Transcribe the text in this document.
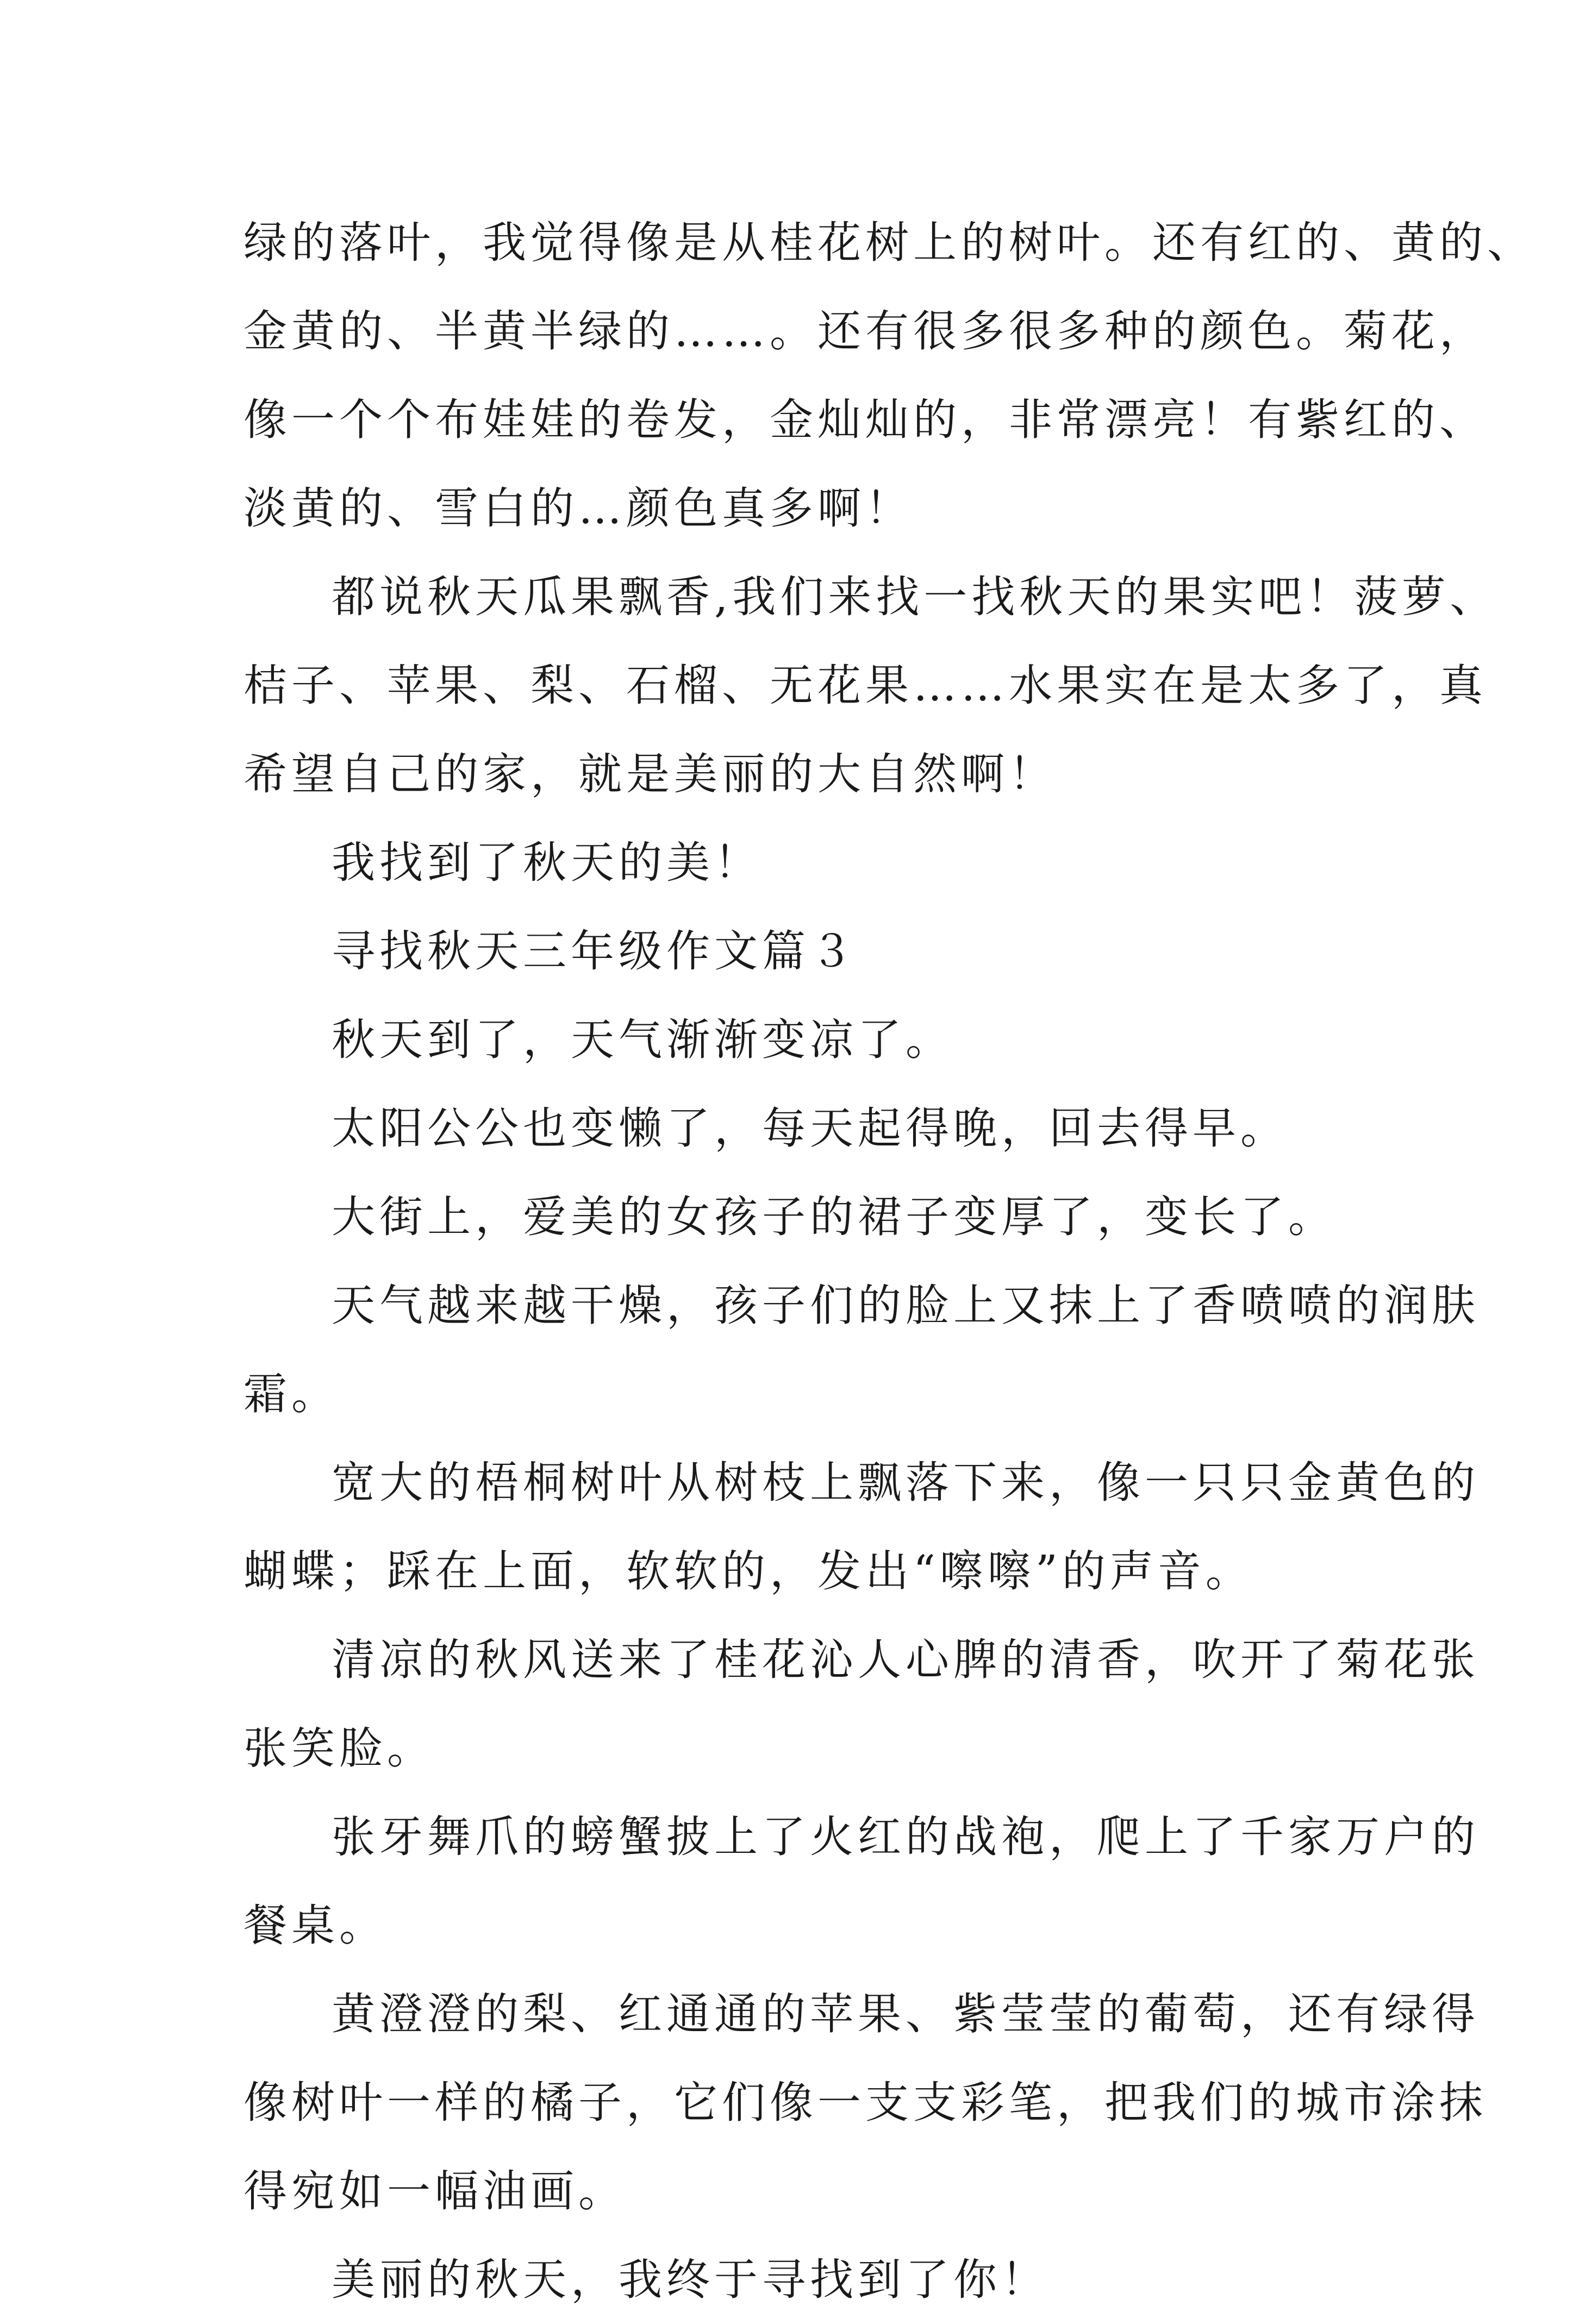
绿的落叶，我觉得像是从桂花树上的树叶。还有红的、黄的、
金黄的、半黄半绿的……。还有很多很多种的颜色。菊花，
像一个个布娃娃的卷发，金灿灿的，非常漂亮！有紫红的、
淡黄的、雪白的…颜色真多啊！
都说秋天瓜果飘香,我们来找一找秋天的果实吧！菠萝、
桔子、苹果、梨、石榴、无花果……水果实在是太多了，真
希望自己的家，就是美丽的大自然啊！
我找到了秋天的美！
寻找秋天三年级作文篇３
秋天到了，天气渐渐变凉了。
太阳公公也变懒了，每天起得晚，回去得早。
大街上，爱美的女孩子的裙子变厚了，变长了。
天气越来越干燥，孩子们的脸上又抹上了香喷喷的润肤
霜。
宽大的梧桐树叶从树枝上飘落下来，像一只只金黄色的
蝴蝶；踩在上面，软软的，发出“嚓嚓”的声音。
清凉的秋风送来了桂花沁人心脾的清香，吹开了菊花张
张笑脸。
张牙舞爪的螃蟹披上了火红的战袍，爬上了千家万户的
餐桌。
黄澄澄的梨、红通通的苹果、紫莹莹的葡萄，还有绿得
像树叶一样的橘子，它们像一支支彩笔，把我们的城市涂抹
得宛如一幅油画。
美丽的秋天，我终于寻找到了你！
